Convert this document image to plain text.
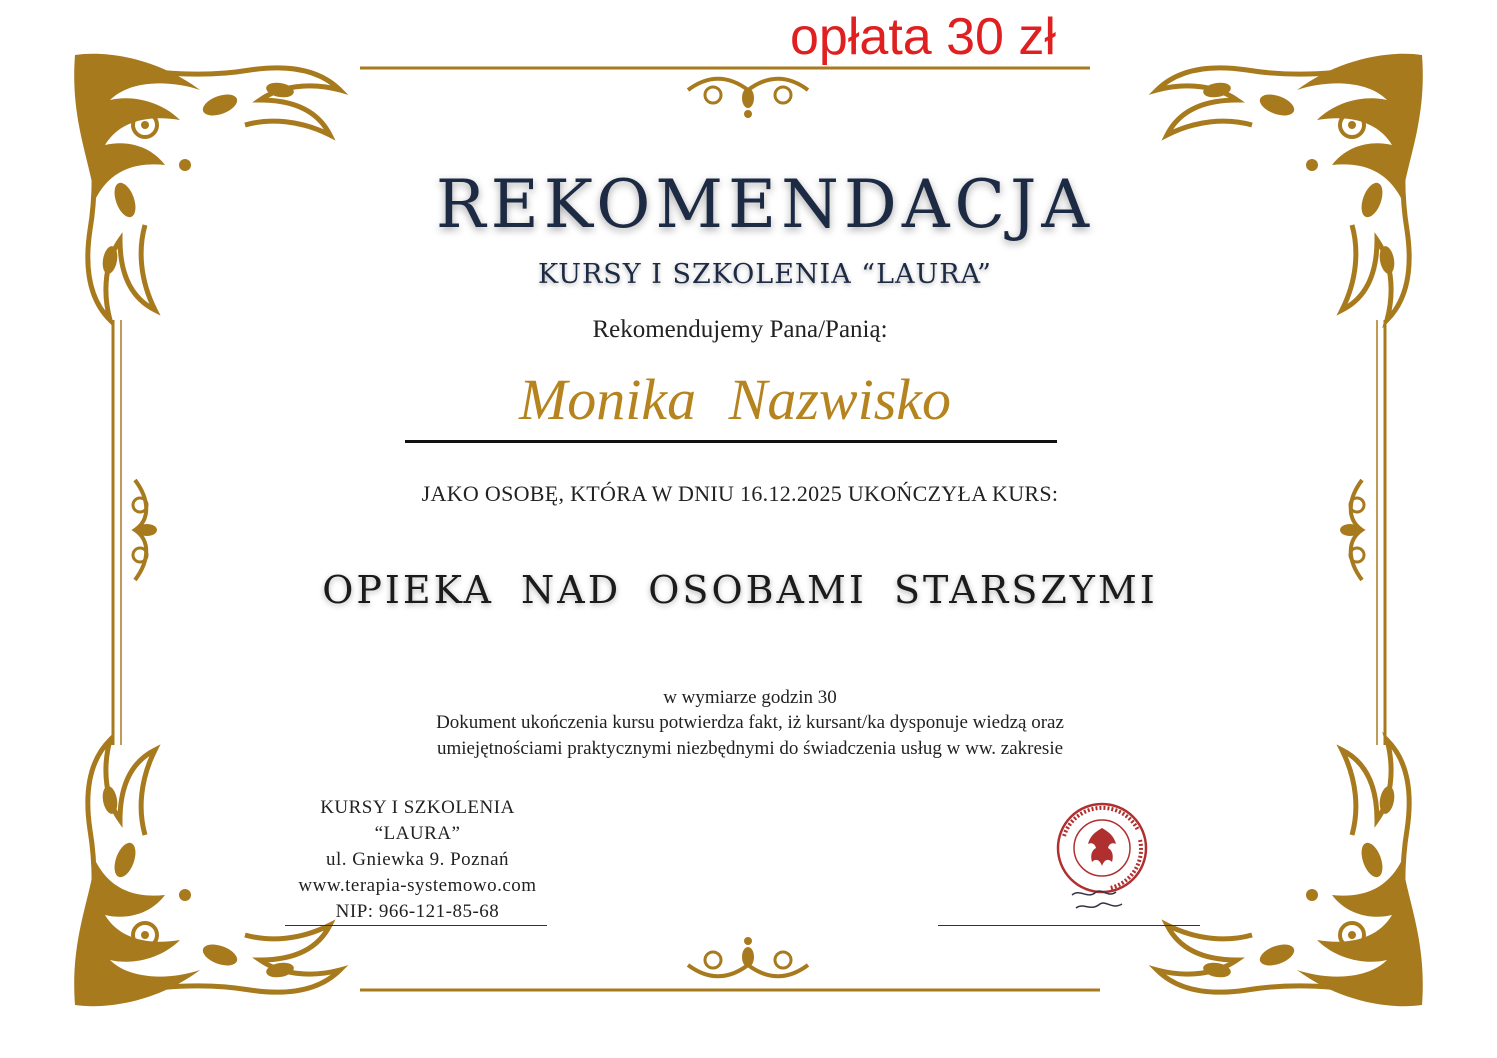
opłata 30 zł
REKOMENDACJA
KURSY I SZKOLENIA “LAURA”
Rekomendujemy Pana/Panią:
Monika Nazwisko
JAKO OSOBĘ, KTÓRA W DNIU 16.12.2025 UKOŃCZYŁA KURS:
OPIEKA NAD OSOBAMI STARSZYMI
w wymiarze godzin 30
Dokument ukończenia kursu potwierdza fakt, iż kursant/ka dysponuje wiedzą oraz
umiejętnościami praktycznymi niezbędnymi do świadczenia usług w ww. zakresie
KURSY I SZKOLENIA
“LAURA”
ul. Gniewka 9. Poznań
www.terapia-systemowo.com
NIP: 966-121-85-68
